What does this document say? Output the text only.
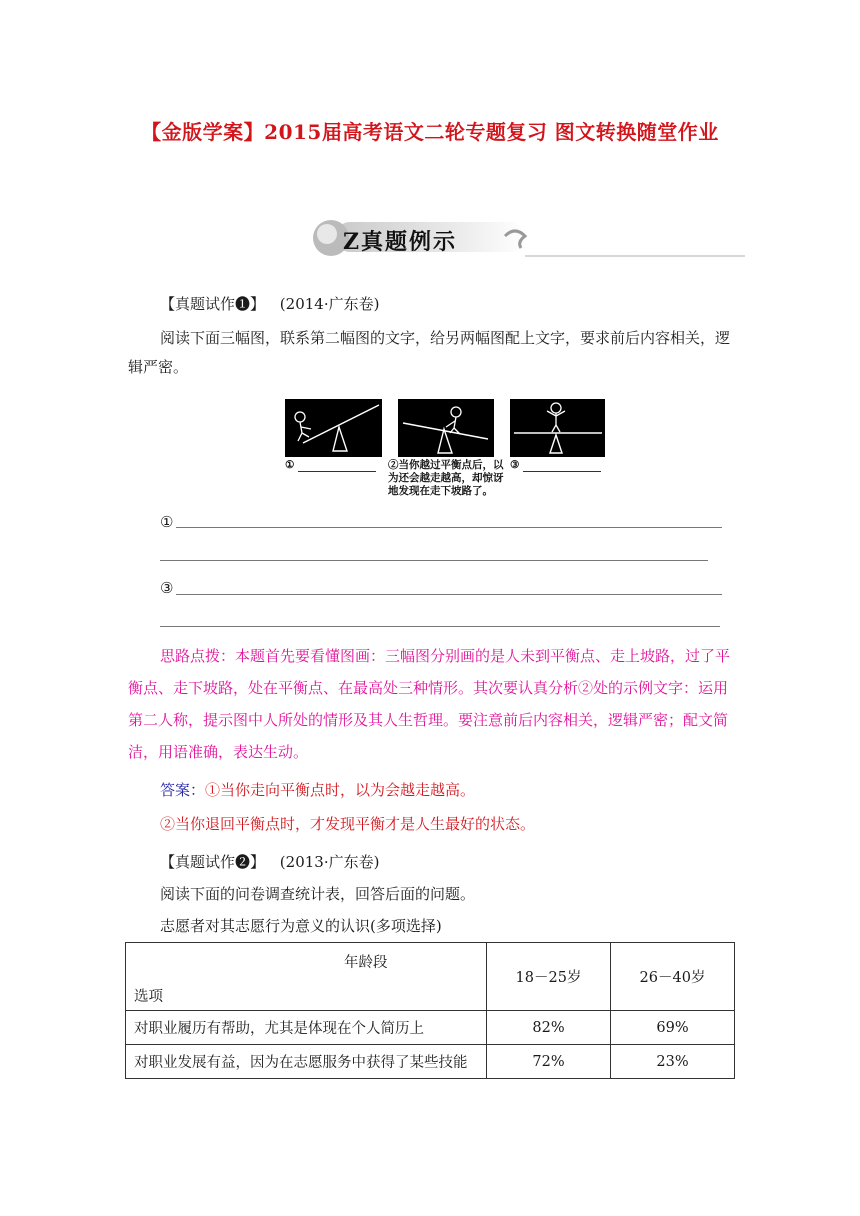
【金版学案】2015届高考语文二轮专题复习 图文转换随堂作业
Z真题例示
【真题试作❶】 (2014·广东卷)
阅读下面三幅图，联系第二幅图的文字，给另两幅图配上文字，要求前后内容相关，逻
辑严密。
①	②当你越过平衡点后，以
为还会越走越高，却惊讶
地发现在走下坡路了。
③
①
③
思路点拨：本题首先要看懂图画：三幅图分别画的是人未到平衡点、走上坡路，过了平
衡点、走下坡路，处在平衡点、在最高处三种情形。其次要认真分析②处的示例文字：运用
第二人称，提示图中人所处的情形及其人生哲理。要注意前后内容相关，逻辑严密；配文简
洁，用语准确，表达生动。
答案：①当你走向平衡点时，以为会越走越高。
②当你退回平衡点时，才发现平衡才是人生最好的状态。
【真题试作❷】 (2013·广东卷)
阅读下面的问卷调查统计表，回答后面的问题。
志愿者对其志愿行为意义的认识(多项选择)
年龄段
选项	18－25岁	26－40岁
对职业履历有帮助，尤其是体现在个人简历上	82%	69%
对职业发展有益，因为在志愿服务中获得了某些技能	72%	23%
